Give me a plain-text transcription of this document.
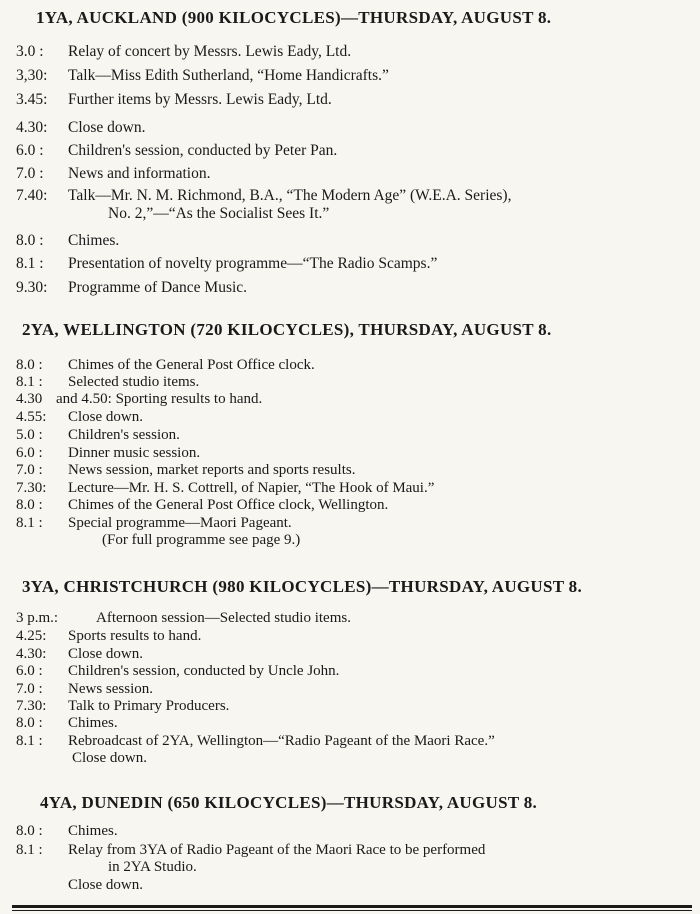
1YA, AUCKLAND (900 KILOCYCLES)—THURSDAY, AUGUST 8.
3.0 : Relay of concert by Messrs. Lewis Eady, Ltd.
3,30: Talk—Miss Edith Sutherland, “Home Handicrafts.”
3.45: Further items by Messrs. Lewis Eady, Ltd.
4.30: Close down.
6.0 : Children's session, conducted by Peter Pan.
7.0 : News and information.
7.40: Talk—Mr. N. M. Richmond, B.A., “The Modern Age” (W.E.A. Series),
No. 2,”—“As the Socialist Sees It.”
8.0 : Chimes.
8.1 : Presentation of novelty programme—“The Radio Scamps.”
9.30: Programme of Dance Music.
2YA, WELLINGTON (720 KILOCYCLES), THURSDAY, AUGUST 8.
8.0 : Chimes of the General Post Office clock.
8.1 : Selected studio items.
4.30 and 4.50: Sporting results to hand.
4.55: Close down.
5.0 : Children's session.
6.0 : Dinner music session.
7.0 : News session, market reports and sports results.
7.30: Lecture—Mr. H. S. Cottrell, of Napier, “The Hook of Maui.”
8.0 : Chimes of the General Post Office clock, Wellington.
8.1 : Special programme—Maori Pageant.
(For full programme see page 9.)
3YA, CHRISTCHURCH (980 KILOCYCLES)—THURSDAY, AUGUST 8.
3 p.m.:	Afternoon session—Selected studio items.
4.25: Sports results to hand.
4.30: Close down.
6.0 : Children's session, conducted by Uncle John.
7.0 : News session.
7.30: Talk to Primary Producers.
8.0 : Chimes.
8.1 : Rebroadcast of 2YA, Wellington—“Radio Pageant of the Maori Race.”
Close down.
4YA, DUNEDIN (650 KILOCYCLES)—THURSDAY, AUGUST 8.
8.0 : Chimes.
8.1 : Relay from 3YA of Radio Pageant of the Maori Race to be performed
in 2YA Studio.
Close down.
